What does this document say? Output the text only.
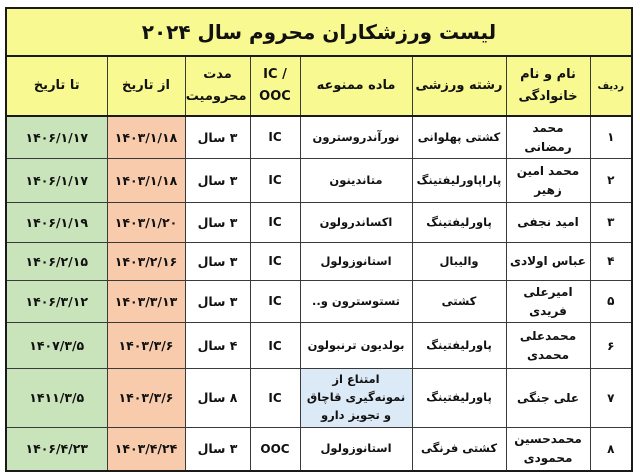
لیست ورزشکاران محروم سال ۲۰۲۴							
ردیف	نام و نام خانوادگی	رشته ورزشی	ماده ممنوعه	IC / OOC	مدت محرومیت	از تاریخ	تا تاریخ
۱	محمد رمضانی	کشتی پهلوانی	نورآندروسترون	IC	۳ سال	۱۴۰۳/۱/۱۸	۱۴۰۶/۱/۱۷
۲	محمد امین زهیر	پاراپاورلیفتینگ	متاندینون	IC	۳ سال	۱۴۰۳/۱/۱۸	۱۴۰۶/۱/۱۷
۳	امید نجفی	پاورلیفتینگ	اکساندرولون	IC	۳ سال	۱۴۰۳/۱/۲۰	۱۴۰۶/۱/۱۹
۴	عباس اولادی	والیبال	استانوزولول	IC	۳ سال	۱۴۰۳/۲/۱۶	۱۴۰۶/۲/۱۵
۵	امیرعلی فریدی	کشتی	تستوسترون و..	IC	۳ سال	۱۴۰۳/۳/۱۳	۱۴۰۶/۳/۱۲
۶	محمدعلی محمدی	پاورلیفتینگ	بولدیون ترنبولون	IC	۴ سال	۱۴۰۳/۳/۶	۱۴۰۷/۳/۵
۷	علی جنگی	پاورلیفتینگ	امتناع از نمونه‌گیری قاچاق و تجویز دارو	IC	۸ سال	۱۴۰۳/۳/۶	۱۴۱۱/۳/۵
۸	محمدحسین محمودی	کشتی فرنگی	استانوزولول	OOC	۳ سال	۱۴۰۳/۴/۲۴	۱۴۰۶/۴/۲۳
